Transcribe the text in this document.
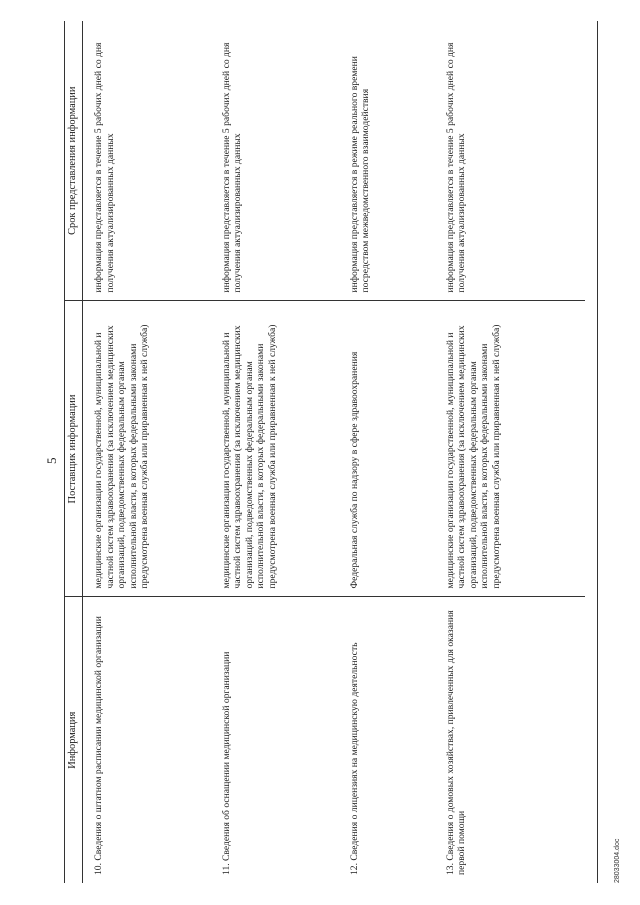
5
Информация	Поставщик информации	Срок представления информации
10. Сведения о штатном расписании медицинской организации	медицинские организации государственной, муниципальной и частной систем здравоохранения (за исключением медицинских организаций, подведомственных федеральным органам исполнительной власти, в которых федеральными законами предусмотрена военная служба или приравненная к ней служба)	информация представляется в течение 5 рабочих дней со дня получения актуализированных данных
11. Сведения об оснащении медицинской организации	медицинские организации государственной, муниципальной и частной систем здравоохранения (за исключением медицинских организаций, подведомственных федеральным органам исполнительной власти, в которых федеральными законами предусмотрена военная служба или приравненная к ней служба)	информация представляется в течение 5 рабочих дней со дня получения актуализированных данных
12. Сведения о лицензиях на медицинскую деятельность	Федеральная служба по надзору в сфере здравоохранения	информация представляется в режиме реального времени посредством межведомственного взаимодействия
13. Сведения о домовых хозяйствах, привлеченных для оказания первой помощи	медицинские организации государственной, муниципальной и частной систем здравоохранения (за исключением медицинских организаций, подведомственных федеральным органам исполнительной власти, в которых федеральными законами предусмотрена военная служба или приравненная к ней служба)	информация представляется в течение 5 рабочих дней со дня получения актуализированных данных
28033004.doc
